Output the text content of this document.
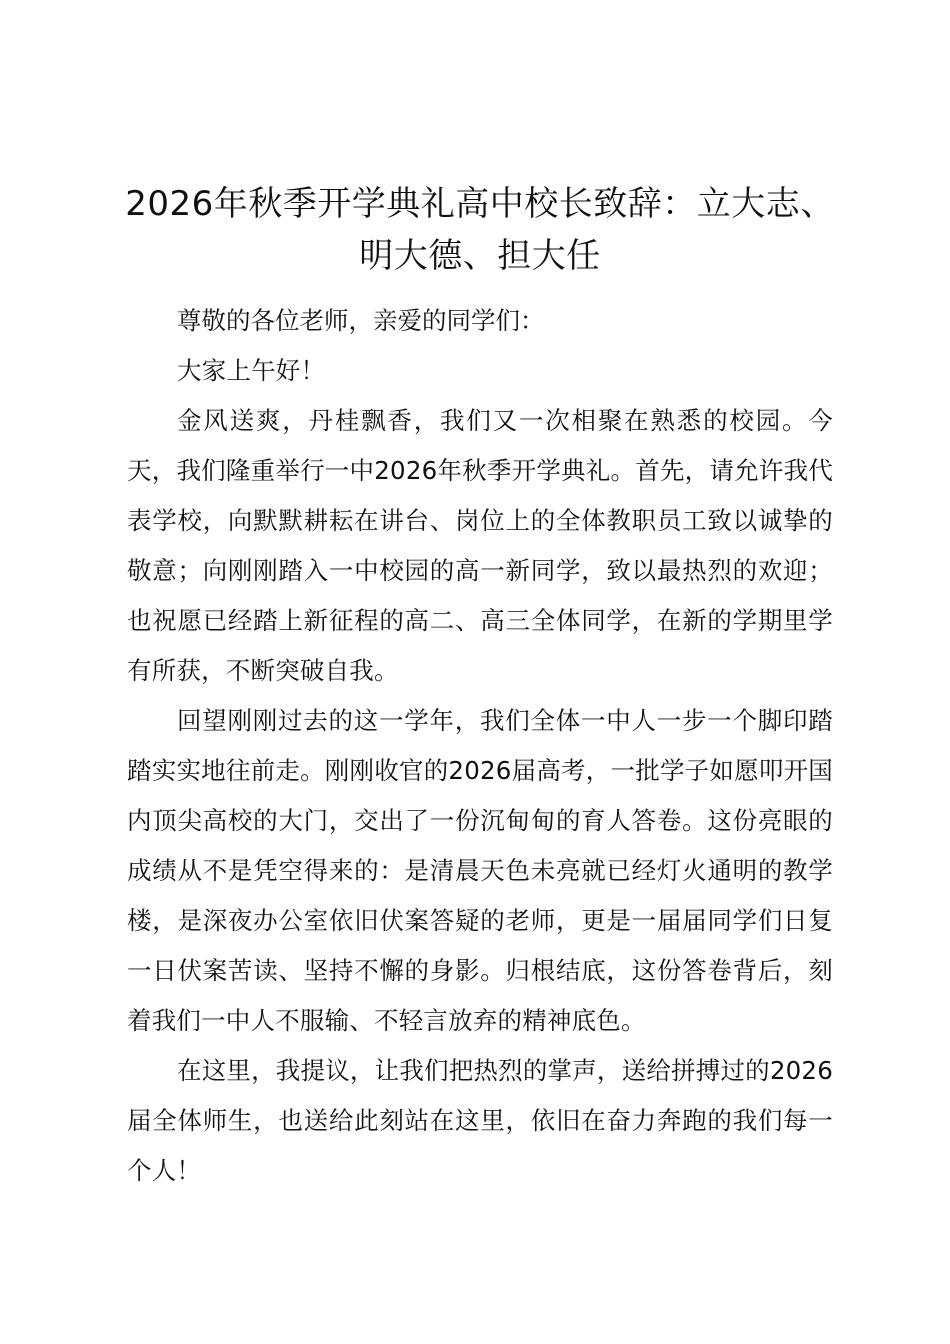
2026年秋季开学典礼高中校长致辞：立大志、
明大德、担大任

尊敬的各位老师，亲爱的同学们：

大家上午好！

金风送爽，丹桂飘香，我们又一次相聚在熟悉的校园。今天，我们隆重举行一中2026年秋季开学典礼。首先，请允许我代表学校，向默默耕耘在讲台、岗位上的全体教职员工致以诚挚的敬意；向刚刚踏入一中校园的高一新同学，致以最热烈的欢迎；也祝愿已经踏上新征程的高二、高三全体同学，在新的学期里学有所获，不断突破自我。

回望刚刚过去的这一学年，我们全体一中人一步一个脚印踏踏实实地往前走。刚刚收官的2026届高考，一批学子如愿叩开国内顶尖高校的大门，交出了一份沉甸甸的育人答卷。这份亮眼的成绩从不是凭空得来的：是清晨天色未亮就已经灯火通明的教学楼，是深夜办公室依旧伏案答疑的老师，更是一届届同学们日复一日伏案苦读、坚持不懈的身影。归根结底，这份答卷背后，刻着我们一中人不服输、不轻言放弃的精神底色。

在这里，我提议，让我们把热烈的掌声，送给拼搏过的2026届全体师生，也送给此刻站在这里，依旧在奋力奔跑的我们每一个人！
